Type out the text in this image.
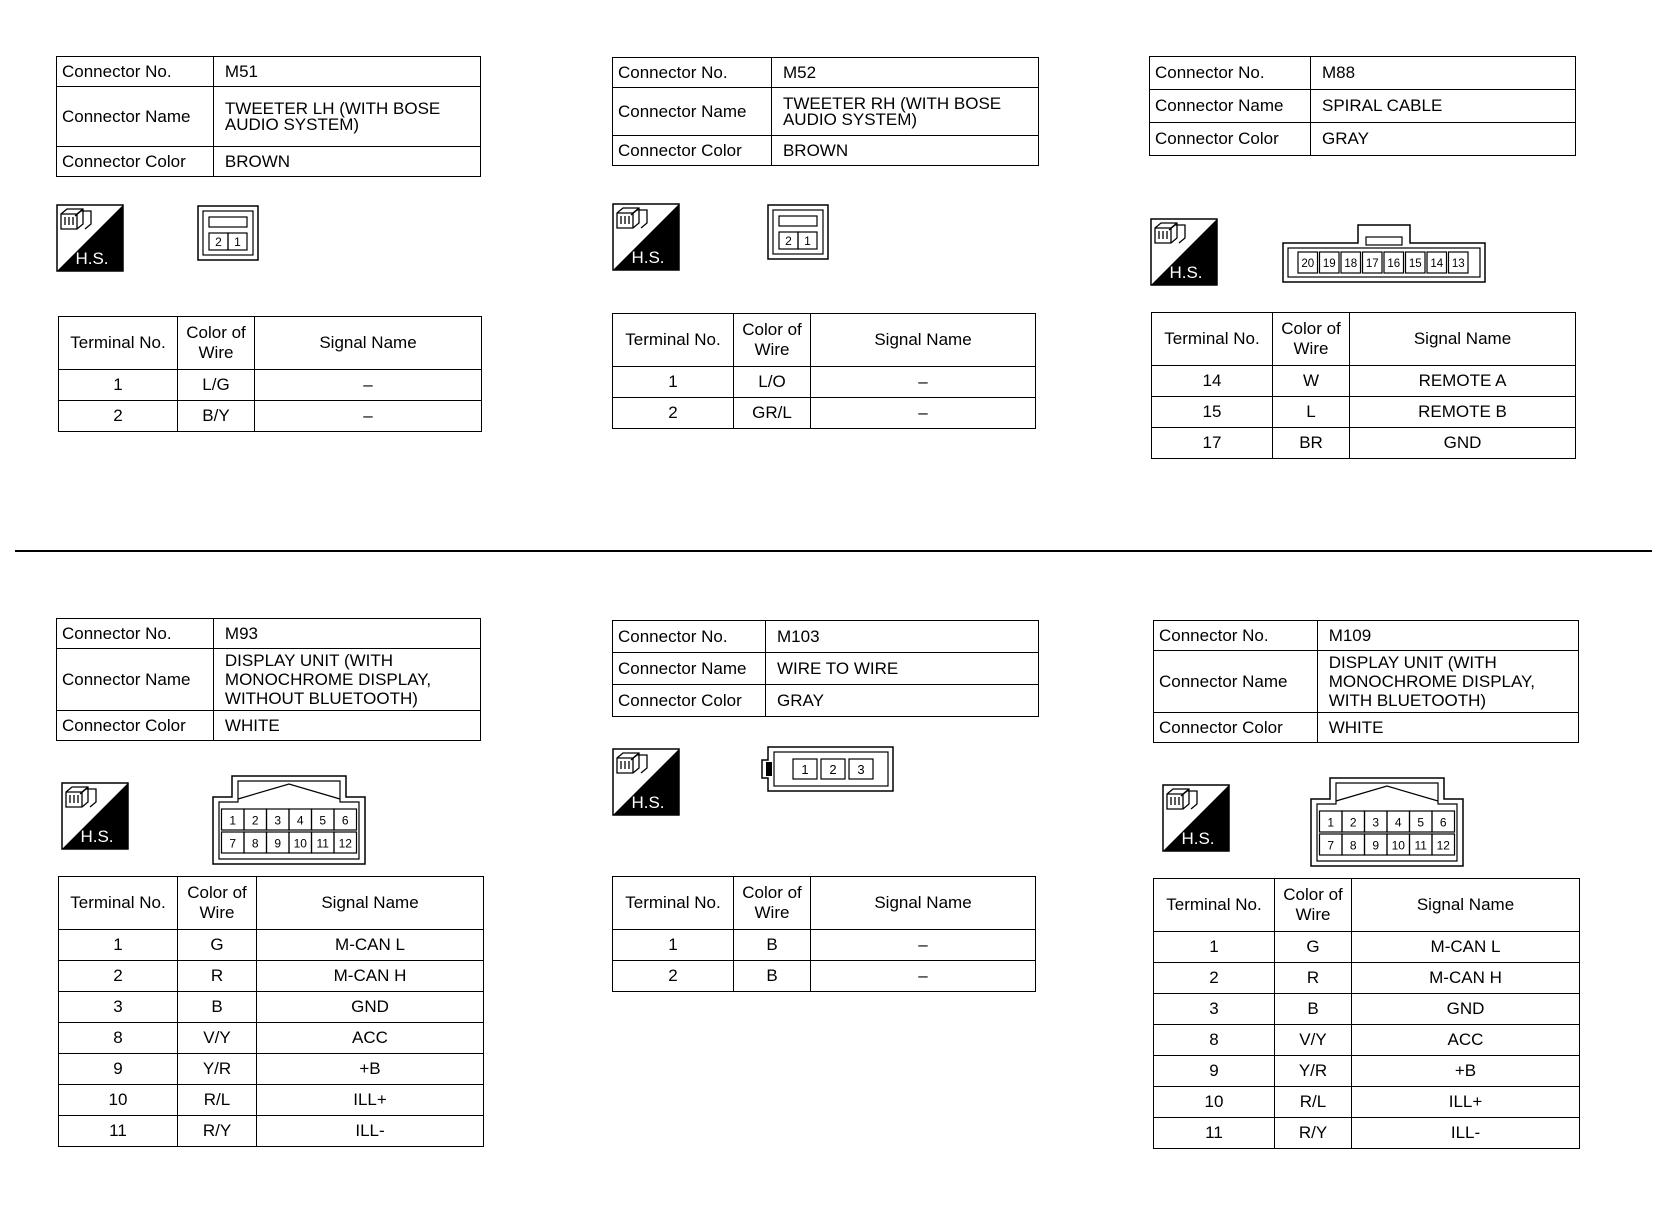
Connector No.	M51
Connector Name	TWEETER LH (WITH BOSE AUDIO SYSTEM)
Connector Color	BROWN
H.S.
2 1
Terminal No.	Color of Wire	Signal Name
1	L/G	–
2	B/Y	–
Connector No.	M52
Connector Name	TWEETER RH (WITH BOSE AUDIO SYSTEM)
Connector Color	BROWN
H.S.
2 1
Terminal No.	Color of Wire	Signal Name
1	L/O	–
2	GR/L	–
Connector No.	M88
Connector Name	SPIRAL CABLE
Connector Color	GRAY
H.S.	20 19 18 17 16 15 14 13
Terminal No.	Color of Wire	Signal Name
14	W	REMOTE A
15	L	REMOTE B
17	BR	GND
Connector No.	M93
Connector Name	DISPLAY UNIT (WITH MONOCHROME DISPLAY, WITHOUT BLUETOOTH)
Connector Color	WHITE
H.S.
1 2 3 4 5 6
7 8 9 10 11 12
Terminal No.	Color of Wire	Signal Name
1	G	M-CAN L
2	R	M-CAN H
3	B	GND
8	V/Y	ACC
9	Y/R	+B
10	R/L	ILL+
11	R/Y	ILL-
Connector No.	M103
Connector Name	WIRE TO WIRE
Connector Color	GRAY
H.S.
1 2 3
Terminal No.	Color of Wire	Signal Name
1	B	–
2	B	–
Connector No.	M109
Connector Name	DISPLAY UNIT (WITH MONOCHROME DISPLAY, WITH BLUETOOTH)
Connector Color	WHITE
H.S.
1 2 3 4 5 6
7 8 9 10 11 12
Terminal No.	Color of Wire	Signal Name
1	G	M-CAN L
2	R	M-CAN H
3	B	GND
8	V/Y	ACC
9	Y/R	+B
10	R/L	ILL+
11	R/Y	ILL-
